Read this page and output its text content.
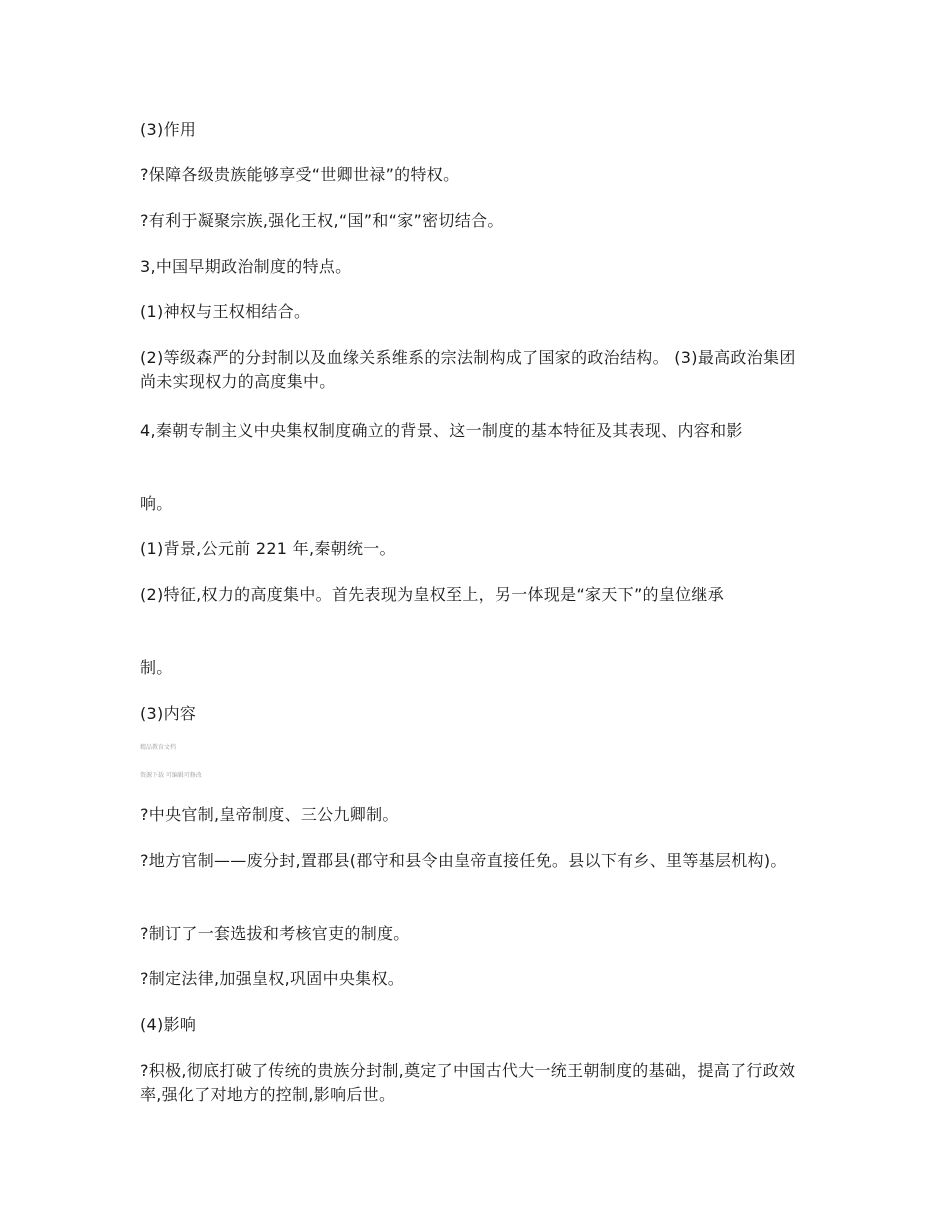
(3)作用
?保障各级贵族能够享受“世卿世禄”的特权。
?有利于凝聚宗族,强化王权,“国”和“家”密切结合。
3,中国早期政治制度的特点。
(1)神权与王权相结合。
(2)等级森严的分封制以及血缘关系维系的宗法制构成了国家的政治结构。 (3)最高政治集团尚未实现权力的高度集中。
4,秦朝专制主义中央集权制度确立的背景、这一制度的基本特征及其表现、内容和影
响。
(1)背景,公元前 221 年,秦朝统一。
(2)特征,权力的高度集中。首先表现为皇权至上，另一体现是“家天下”的皇位继承
制。
(3)内容
精品教育文档
资源下载 可编辑可修改
?中央官制,皇帝制度、三公九卿制。
?地方官制——废分封,置郡县(郡守和县令由皇帝直接任免。县以下有乡、里等基层机构)。
?制订了一套选拔和考核官吏的制度。
?制定法律,加强皇权,巩固中央集权。
(4)影响
?积极,彻底打破了传统的贵族分封制,奠定了中国古代大一统王朝制度的基础，提高了行政效率,强化了对地方的控制,影响后世。
